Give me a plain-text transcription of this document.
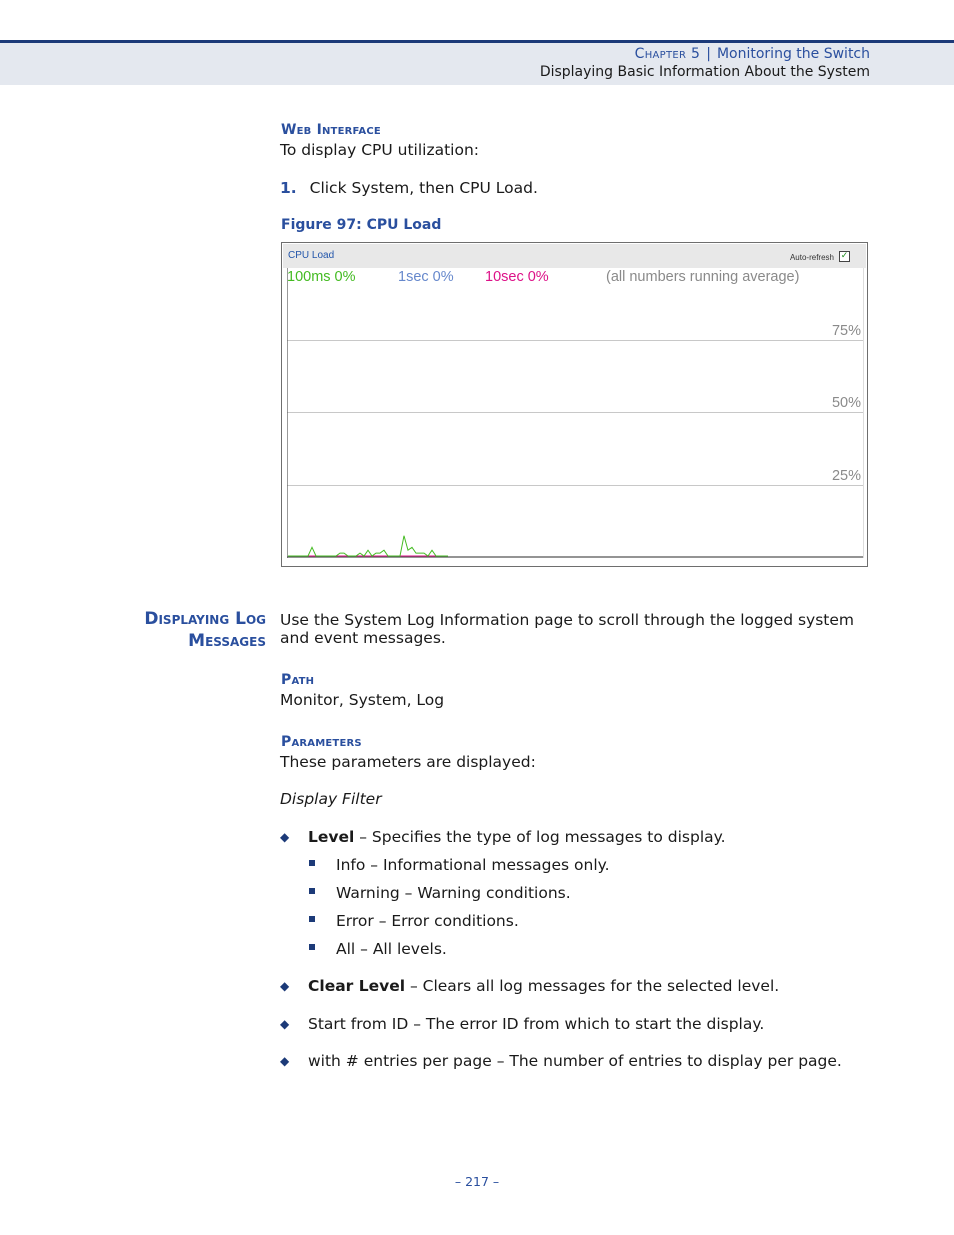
Chapter 5 | Monitoring the Switch
Displaying Basic Information About the System
Web Interface
To display CPU utilization:
1. Click System, then CPU Load.
Figure 97: CPU Load
CPU Load	Auto-refresh ✓
100ms 0%	1sec 0% 10sec 0%	(all numbers running average)
75%
50%
25%
Displaying Log
Messages
Use the System Log Information page to scroll through the logged system and event messages.
Path
Monitor, System, Log
Parameters
These parameters are displayed:
Display Filter
◆ Level – Specifies the type of log messages to display.
Info – Informational messages only.
Warning – Warning conditions.
Error – Error conditions.
All – All levels.
◆ Clear Level – Clears all log messages for the selected level.
◆ Start from ID – The error ID from which to start the display.
◆ with # entries per page – The number of entries to display per page.
– 217 –
